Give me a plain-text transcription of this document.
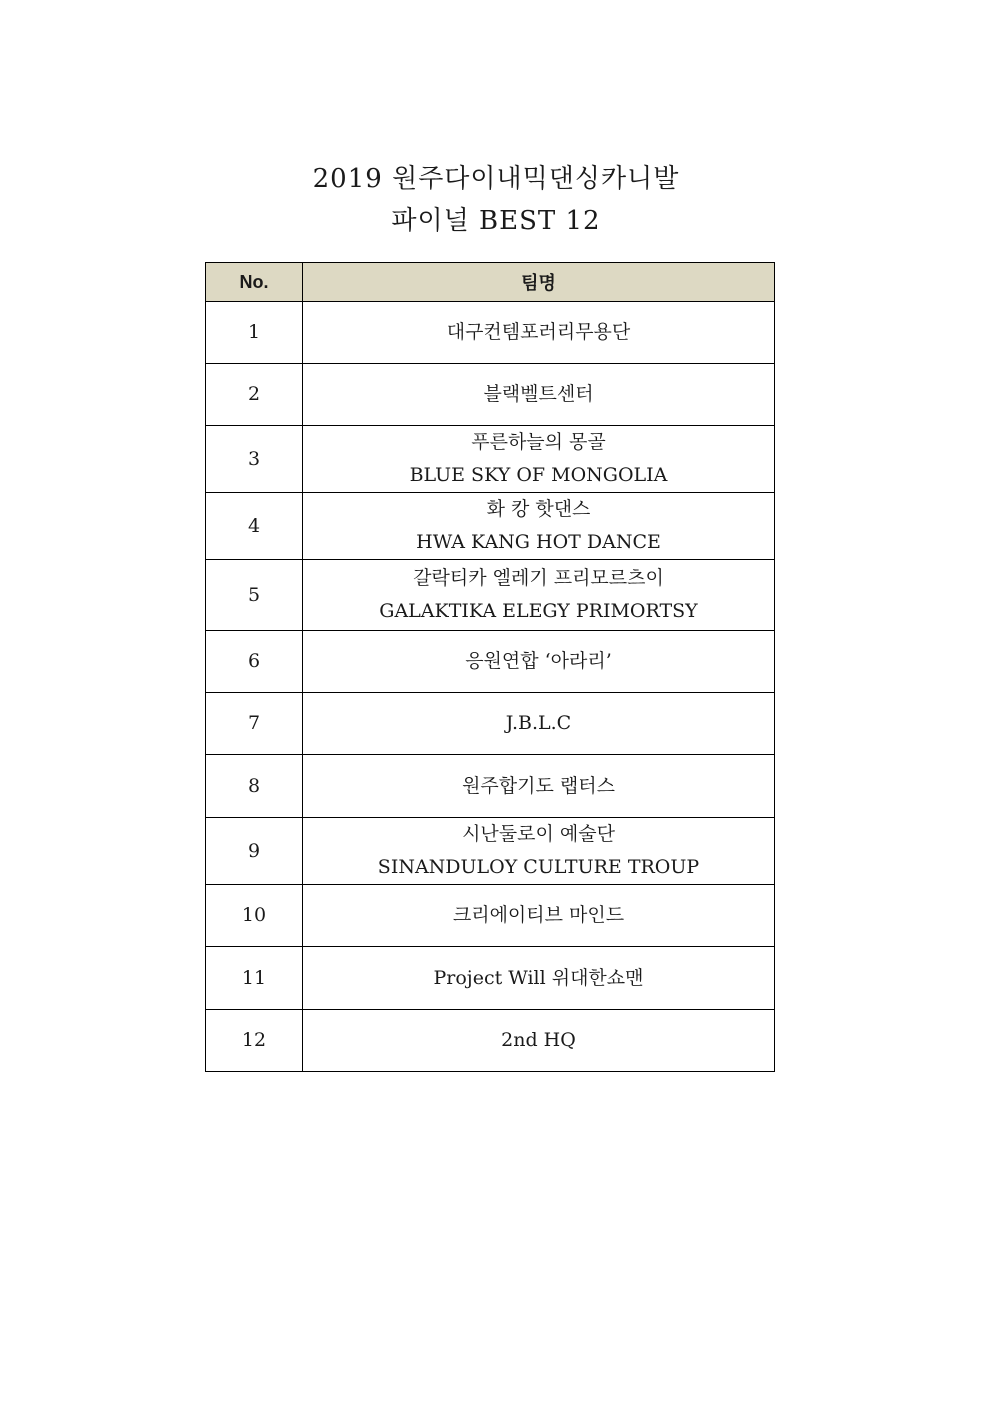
2019 원주다이내믹댄싱카니발
파이널 BEST 12
No.	팀명
1	대구컨템포러리무용단

2	블랙벨트센터

3	푸른하늘의 몽골
BLUE SKY OF MONGOLIA

4	화 캉 핫댄스
HWA KANG HOT DANCE

5	갈락티카 엘레기 프리모르츠이
GALAKTIKA ELEGY PRIMORTSY

6	응원연합 ‘아라리’

7	J.B.L.C

8	원주합기도 랩터스

9	시난둘로이 예술단
SINANDULOY CULTURE TROUP

10	크리에이티브 마인드

11	Project Will 위대한쇼맨

12	2nd HQ
